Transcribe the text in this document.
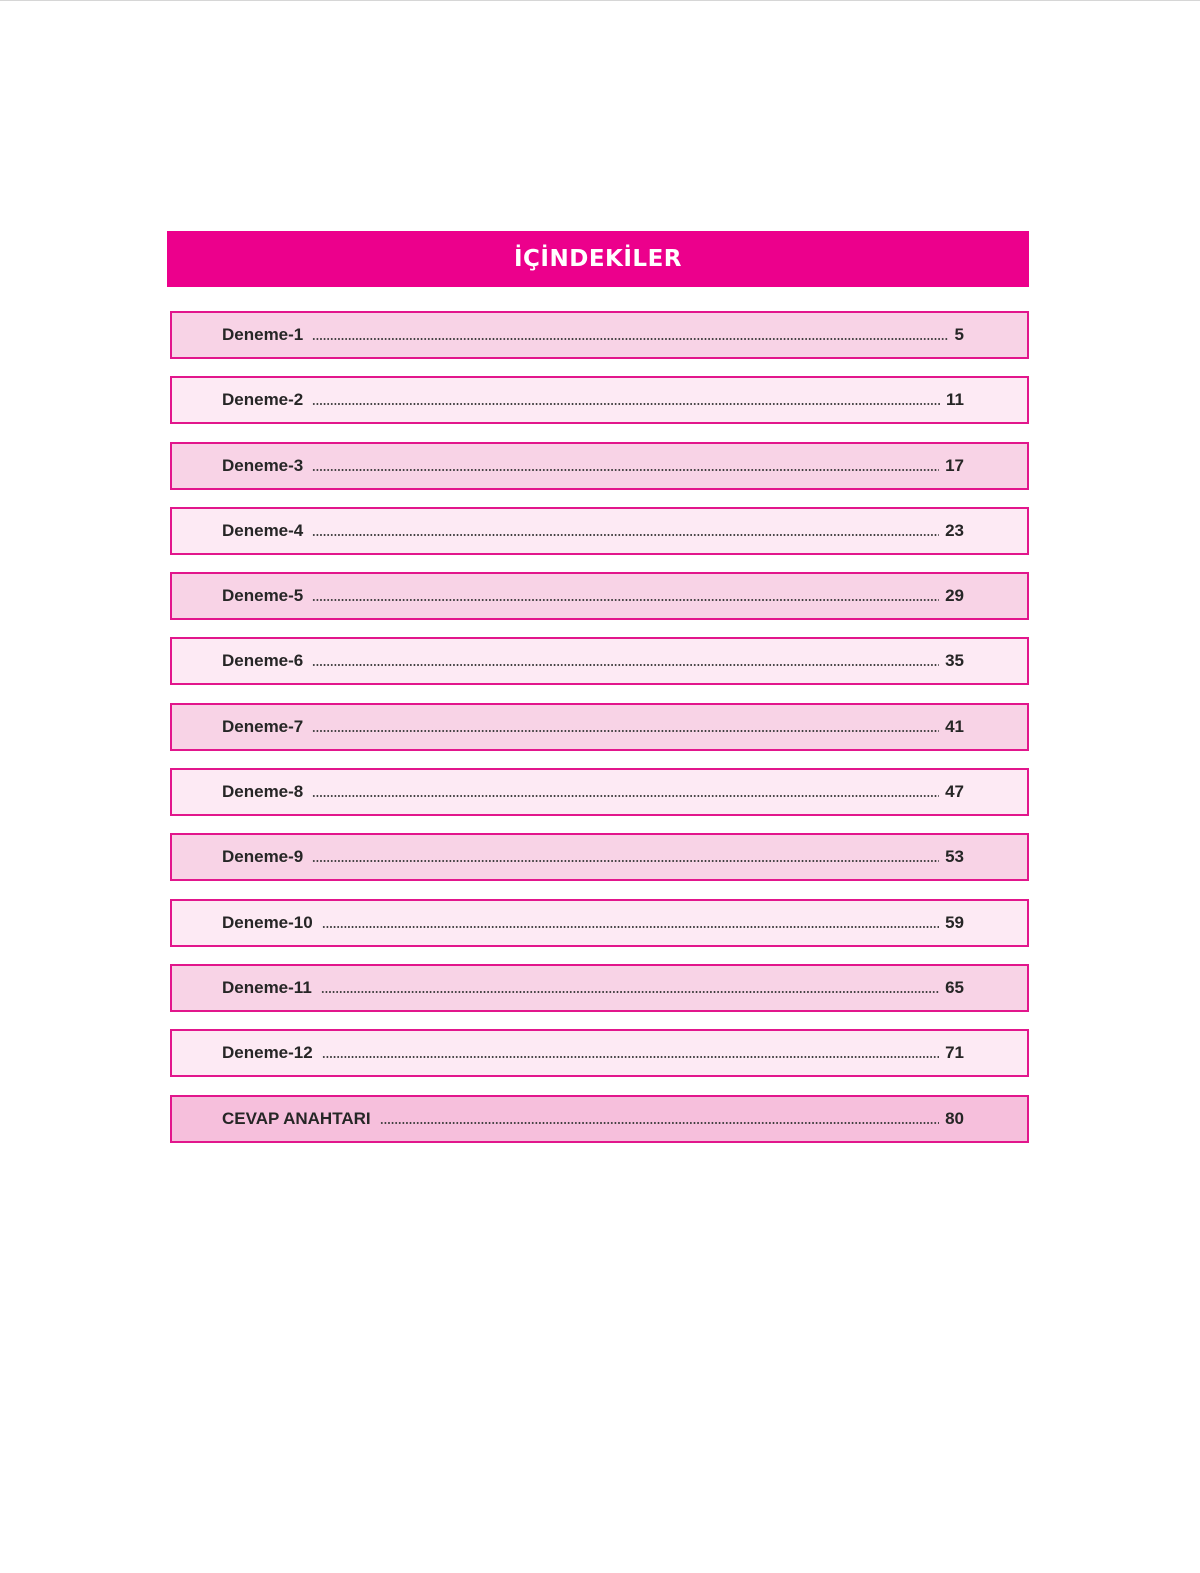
İÇİNDEKİLER
Deneme-1	5
Deneme-2	11
Deneme-3	17
Deneme-4	23
Deneme-5	29
Deneme-6	35
Deneme-7	41
Deneme-8	47
Deneme-9	53
Deneme-10	59
Deneme-11	65
Deneme-12	71
CEVAP ANAHTARI	80
